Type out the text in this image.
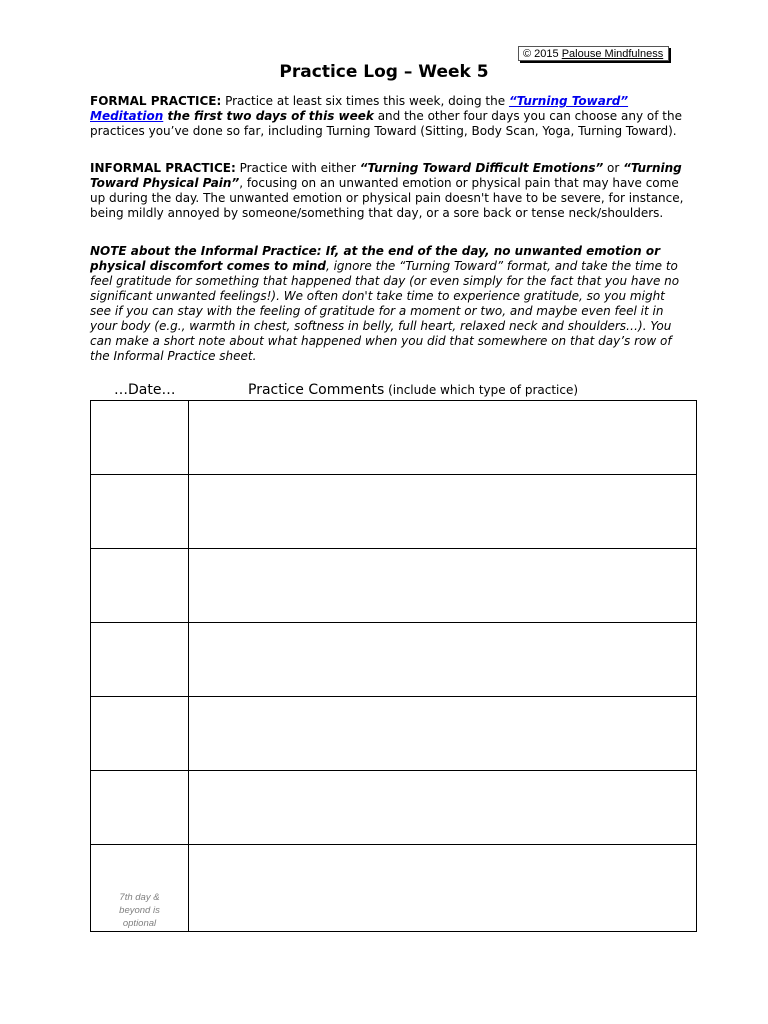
© 2015 Palouse Mindfulness
Practice Log – Week 5
FORMAL PRACTICE: Practice at least six times this week, doing the “Turning Toward” Meditation the first two days of this week and the other four days you can choose any of the practices you’ve done so far, including Turning Toward (Sitting, Body Scan, Yoga, Turning Toward).
INFORMAL PRACTICE: Practice with either “Turning Toward Difficult Emotions” or “Turning Toward Physical Pain”, focusing on an unwanted emotion or physical pain that may have come up during the day. The unwanted emotion or physical pain doesn't have to be severe, for instance, being mildly annoyed by someone/something that day, or a sore back or tense neck/shoulders.
NOTE about the Informal Practice: If, at the end of the day, no unwanted emotion or physical discomfort comes to mind, ignore the “Turning Toward” format, and take the time to feel gratitude for something that happened that day (or even simply for the fact that you have no significant unwanted feelings!). We often don't take time to experience gratitude, so you might see if you can stay with the feeling of gratitude for a moment or two, and maybe even feel it in your body (e.g., warmth in chest, softness in belly, full heart, relaxed neck and shoulders…). You can make a short note about what happened when you did that somewhere on that day’s row of the Informal Practice sheet.
…Date…	Practice Comments (include which type of practice)

7th day & beyond is optional	
